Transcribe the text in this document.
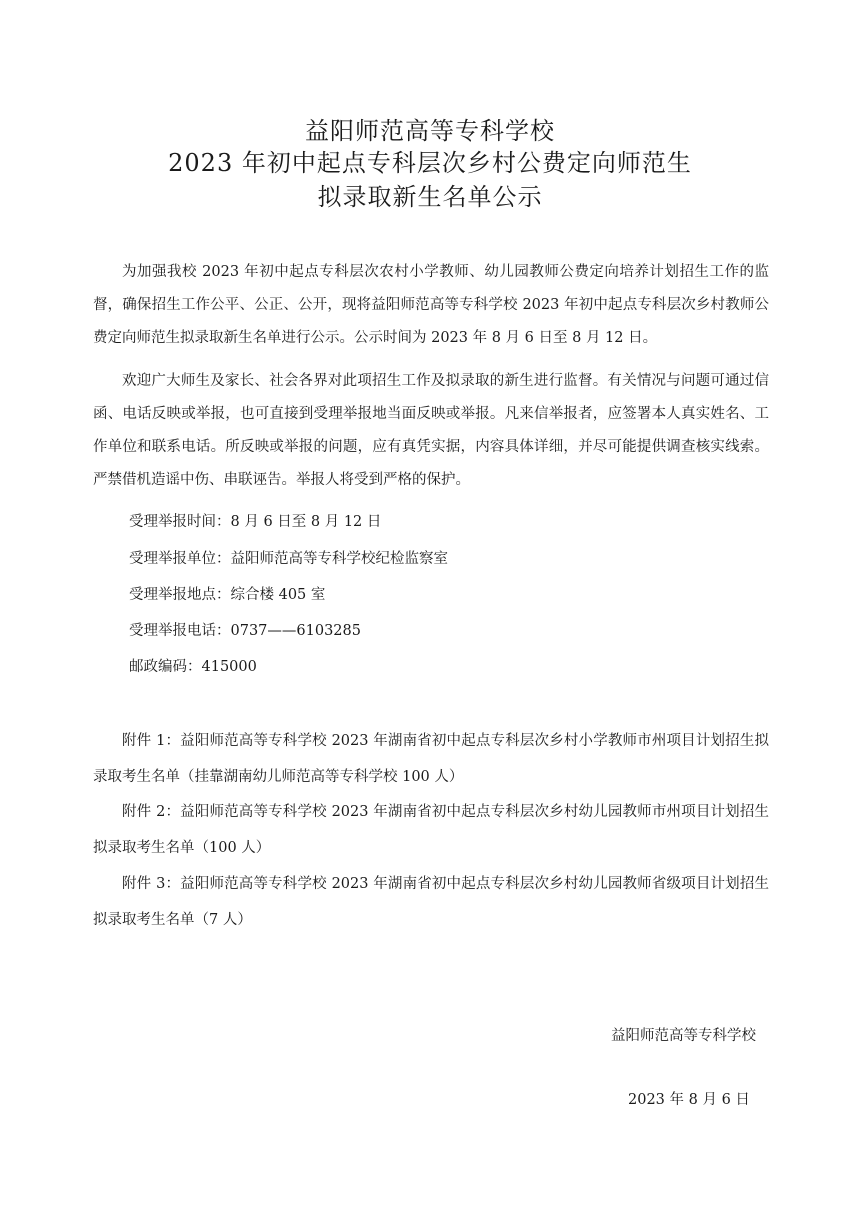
益阳师范高等专科学校
2023 年初中起点专科层次乡村公费定向师范生
拟录取新生名单公示

为加强我校 2023 年初中起点专科层次农村小学教师、幼儿园教师公费定向培养计划招生工作的监督，确保招生工作公平、公正、公开，现将益阳师范高等专科学校 2023 年初中起点专科层次乡村教师公费定向师范生拟录取新生名单进行公示。公示时间为 2023 年 8 月 6 日至 8 月 12 日。

欢迎广大师生及家长、社会各界对此项招生工作及拟录取的新生进行监督。有关情况与问题可通过信函、电话反映或举报，也可直接到受理举报地当面反映或举报。凡来信举报者，应签署本人真实姓名、工作单位和联系电话。所反映或举报的问题，应有真凭实据，内容具体详细，并尽可能提供调查核实线索。严禁借机造谣中伤、串联诬告。举报人将受到严格的保护。

受理举报时间：8 月 6 日至 8 月 12 日

受理举报单位：益阳师范高等专科学校纪检监察室

受理举报地点：综合楼 405 室

受理举报电话：0737——6103285

邮政编码：415000

附件 1：益阳师范高等专科学校 2023 年湖南省初中起点专科层次乡村小学教师市州项目计划招生拟录取考生名单（挂靠湖南幼儿师范高等专科学校 100 人）

附件 2：益阳师范高等专科学校 2023 年湖南省初中起点专科层次乡村幼儿园教师市州项目计划招生拟录取考生名单（100 人）

附件 3：益阳师范高等专科学校 2023 年湖南省初中起点专科层次乡村幼儿园教师省级项目计划招生拟录取考生名单（7 人）

益阳师范高等专科学校

2023 年 8 月 6 日
